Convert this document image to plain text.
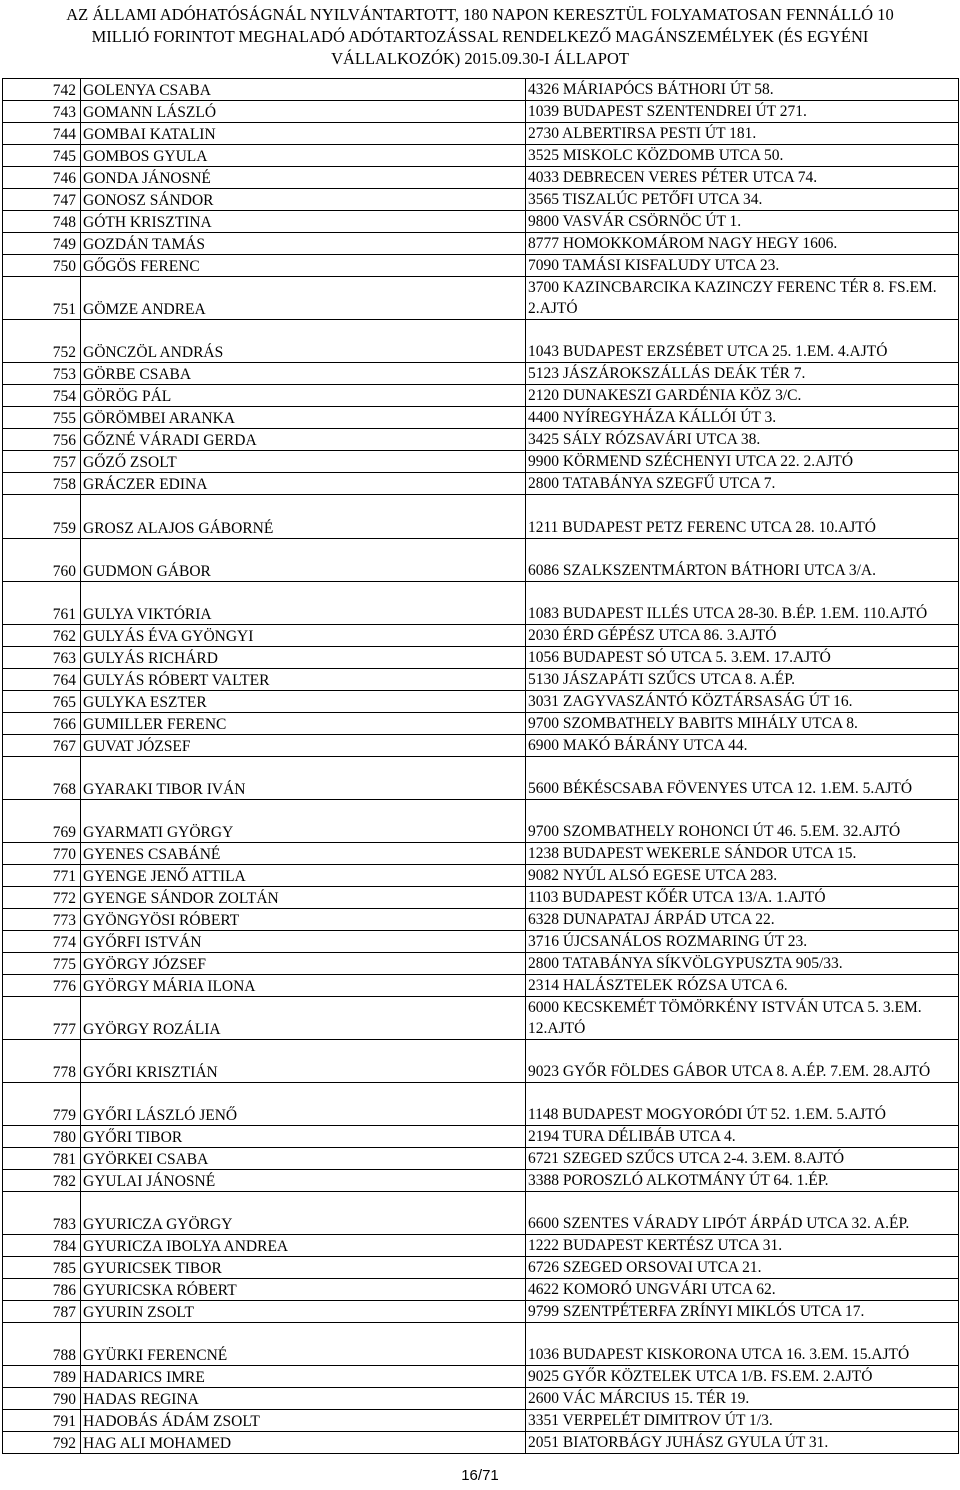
AZ ÁLLAMI ADÓHATÓSÁGNÁL NYILVÁNTARTOTT, 180 NAPON KERESZTÜL FOLYAMATOSAN FENNÁLLÓ 10
MILLIÓ FORINTOT MEGHALADÓ ADÓTARTOZÁSSAL RENDELKEZŐ MAGÁNSZEMÉLYEK (ÉS EGYÉNI
VÁLLALKOZÓK) 2015.09.30-I ÁLLAPOT
742	GOLENYA CSABA	4326 MÁRIAPÓCS BÁTHORI ÚT 58.
743	GOMANN LÁSZLÓ	1039 BUDAPEST SZENTENDREI ÚT 271.
744	GOMBAI KATALIN	2730 ALBERTIRSA PESTI ÚT 181.
745	GOMBOS GYULA	3525 MISKOLC KÖZDOMB UTCA 50.
746	GONDA JÁNOSNÉ	4033 DEBRECEN VERES PÉTER UTCA 74.
747	GONOSZ SÁNDOR	3565 TISZALÚC PETŐFI UTCA 34.
748	GÓTH KRISZTINA	9800 VASVÁR CSÖRNÖC ÚT 1.
749	GOZDÁN TAMÁS	8777 HOMOKKOMÁROM NAGY HEGY 1606.
750	GŐGÖS FERENC	7090 TAMÁSI KISFALUDY UTCA 23.
751	GÖMZE ANDREA	3700 KAZINCBARCIKA KAZINCZY FERENC TÉR 8. FS.EM. 2.AJTÓ
752	GÖNCZÖL ANDRÁS	1043 BUDAPEST ERZSÉBET UTCA 25. 1.EM. 4.AJTÓ
753	GÖRBE CSABA	5123 JÁSZÁROKSZÁLLÁS DEÁK TÉR 7.
754	GÖRÖG PÁL	2120 DUNAKESZI GARDÉNIA KÖZ 3/C.
755	GÖRÖMBEI ARANKA	4400 NYÍREGYHÁZA KÁLLÓI ÚT 3.
756	GŐZNÉ VÁRADI GERDA	3425 SÁLY RÓZSAVÁRI UTCA 38.
757	GŐZŐ ZSOLT	9900 KÖRMEND SZÉCHENYI UTCA 22. 2.AJTÓ
758	GRÁCZER EDINA	2800 TATABÁNYA SZEGFŰ UTCA 7.
759	GROSZ ALAJOS GÁBORNÉ	1211 BUDAPEST PETZ FERENC UTCA 28. 10.AJTÓ
760	GUDMON GÁBOR	6086 SZALKSZENTMÁRTON BÁTHORI UTCA 3/A.
761	GULYA VIKTÓRIA	1083 BUDAPEST ILLÉS UTCA 28-30. B.ÉP. 1.EM. 110.AJTÓ
762	GULYÁS ÉVA GYÖNGYI	2030 ÉRD GÉPÉSZ UTCA 86. 3.AJTÓ
763	GULYÁS RICHÁRD	1056 BUDAPEST SÓ UTCA 5. 3.EM. 17.AJTÓ
764	GULYÁS RÓBERT VALTER	5130 JÁSZAPÁTI SZŰCS UTCA 8. A.ÉP.
765	GULYKA ESZTER	3031 ZAGYVASZÁNTÓ KÖZTÁRSASÁG ÚT 16.
766	GUMILLER FERENC	9700 SZOMBATHELY BABITS MIHÁLY UTCA 8.
767	GUVAT JÓZSEF	6900 MAKÓ BÁRÁNY UTCA 44.
768	GYARAKI TIBOR IVÁN	5600 BÉKÉSCSABA FÖVENYES UTCA 12. 1.EM. 5.AJTÓ
769	GYARMATI GYÖRGY	9700 SZOMBATHELY ROHONCI ÚT 46. 5.EM. 32.AJTÓ
770	GYENES CSABÁNÉ	1238 BUDAPEST WEKERLE SÁNDOR UTCA 15.
771	GYENGE JENŐ ATTILA	9082 NYÚL ALSÓ EGESE UTCA 283.
772	GYENGE SÁNDOR ZOLTÁN	1103 BUDAPEST KŐÉR UTCA 13/A. 1.AJTÓ
773	GYÖNGYÖSI RÓBERT	6328 DUNAPATAJ ÁRPÁD UTCA 22.
774	GYŐRFI ISTVÁN	3716 ÚJCSANÁLOS ROZMARING ÚT 23.
775	GYÖRGY JÓZSEF	2800 TATABÁNYA SÍKVÖLGYPUSZTA 905/33.
776	GYÖRGY MÁRIA ILONA	2314 HALÁSZTELEK RÓZSA UTCA 6.
777	GYÖRGY ROZÁLIA	6000 KECSKEMÉT TÖMÖRKÉNY ISTVÁN UTCA 5. 3.EM. 12.AJTÓ
778	GYŐRI KRISZTIÁN	9023 GYŐR FÖLDES GÁBOR UTCA 8. A.ÉP. 7.EM. 28.AJTÓ
779	GYŐRI LÁSZLÓ JENŐ	1148 BUDAPEST MOGYORÓDI ÚT 52. 1.EM. 5.AJTÓ
780	GYŐRI TIBOR	2194 TURA DÉLIBÁB UTCA 4.
781	GYÖRKEI CSABA	6721 SZEGED SZŰCS UTCA 2-4. 3.EM. 8.AJTÓ
782	GYULAI JÁNOSNÉ	3388 POROSZLÓ ALKOTMÁNY ÚT 64. 1.ÉP.
783	GYURICZA GYÖRGY	6600 SZENTES VÁRADY LIPÓT ÁRPÁD UTCA 32. A.ÉP.
784	GYURICZA IBOLYA ANDREA	1222 BUDAPEST KERTÉSZ UTCA 31.
785	GYURICSEK TIBOR	6726 SZEGED ORSOVAI UTCA 21.
786	GYURICSKA RÓBERT	4622 KOMORÓ UNGVÁRI UTCA 62.
787	GYURIN ZSOLT	9799 SZENTPÉTERFA ZRÍNYI MIKLÓS UTCA 17.
788	GYÜRKI FERENCNÉ	1036 BUDAPEST KISKORONA UTCA 16. 3.EM. 15.AJTÓ
789	HADARICS IMRE	9025 GYŐR KÖZTELEK UTCA 1/B. FS.EM. 2.AJTÓ
790	HADAS REGINA	2600 VÁC MÁRCIUS 15. TÉR 19.
791	HADOBÁS ÁDÁM ZSOLT	3351 VERPELÉT DIMITROV ÚT 1/3.
792	HAG ALI MOHAMED	2051 BIATORBÁGY JUHÁSZ GYULA ÚT 31.
16/71
